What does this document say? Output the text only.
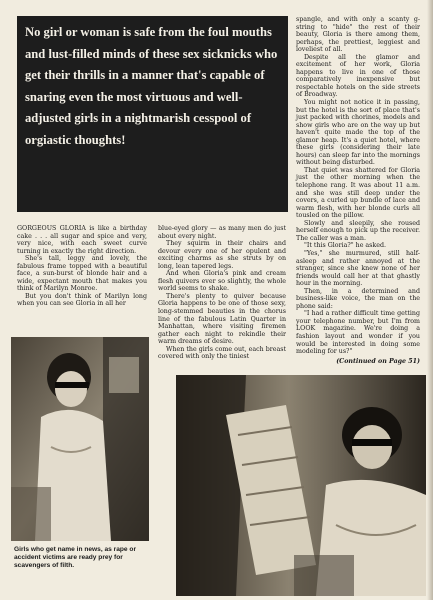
No girl or woman is safe from the foul mouths and lust-filled minds of these sex sicknicks who get their thrills in a manner that's capable of snaring even the most virtuous and well-adjusted girls in a nightmarish cesspool of orgiastic thoughts!

spangle, and with only a scanty g-string to "hide" the rest of their beauty, Gloria is there among them, perhaps, the prettiest, leggiest and loveliest of all.

Despite all the glamor and excitement of her work, Gloria happens to live in one of those comparatively inexpensive but respectable hotels on the side streets of Broadway.

You might not notice it in passing, but the hotel is the sort of place that's just packed with chorines, models and show girls who are on the way up but haven't quite made the top of the glamor heap. It's a quiet hotel, where these girls (considering their late hours) can sleep far into the mornings without being disturbed.

That quiet was shattered for Gloria just the other morning when the telephone rang. It was about 11 a.m. and she was still deep under the covers, a curled up bundle of lace and warm flesh, with her blonde curls all tousled on the pillow.

Slowly and sleepily, she roused herself enough to pick up the receiver. The caller was a man.

"It this Gloria?" he asked.

"Yes," she murmured, still half-asleep and rather annoyed at the stranger, since she knew none of her friends would call her at that ghastly hour in the morning.

Then, in a determined and business-like voice, the man on the phone said:

"I had a rather difficult time getting your telephone number, but I'm from LOOK magazine. We're doing a fashion layout and wonder if you would be interested in doing some modeling for us?"

(Continued on Page 51)

GORGEOUS GLORIA is like a birthday cake . . . all sugar and spice and very, very nice, with each sweet curve turning in exactly the right direction.

She's tall, leggy and lovely, the fabulous frame topped with a beautiful face, a sun-burst of blonde hair and a wide, expectant mouth that makes you think of Marilyn Monroe.

But you don't think of Marilyn long when you can see Gloria in all her

blue-eyed glory — as many men do just about every night.

They squirm in their chairs and devour every one of her opulent and exciting charms as she struts by on long, lean tapered legs.

And when Gloria's pink and cream flesh quivers ever so slightly, the whole world seems to shake.

There's plenty to quiver because Gloria happens to be one of those sexy, long-stemmed beauties in the chorus line of the fabulous Latin Quarter in Manhattan, where visiting firemen gather each night to rekindle their warm dreams of desire.

When the girls come out, each breast covered with only the tiniest

Girls who get name in news, as rape or accident victims are ready prey for scavengers of filth.
